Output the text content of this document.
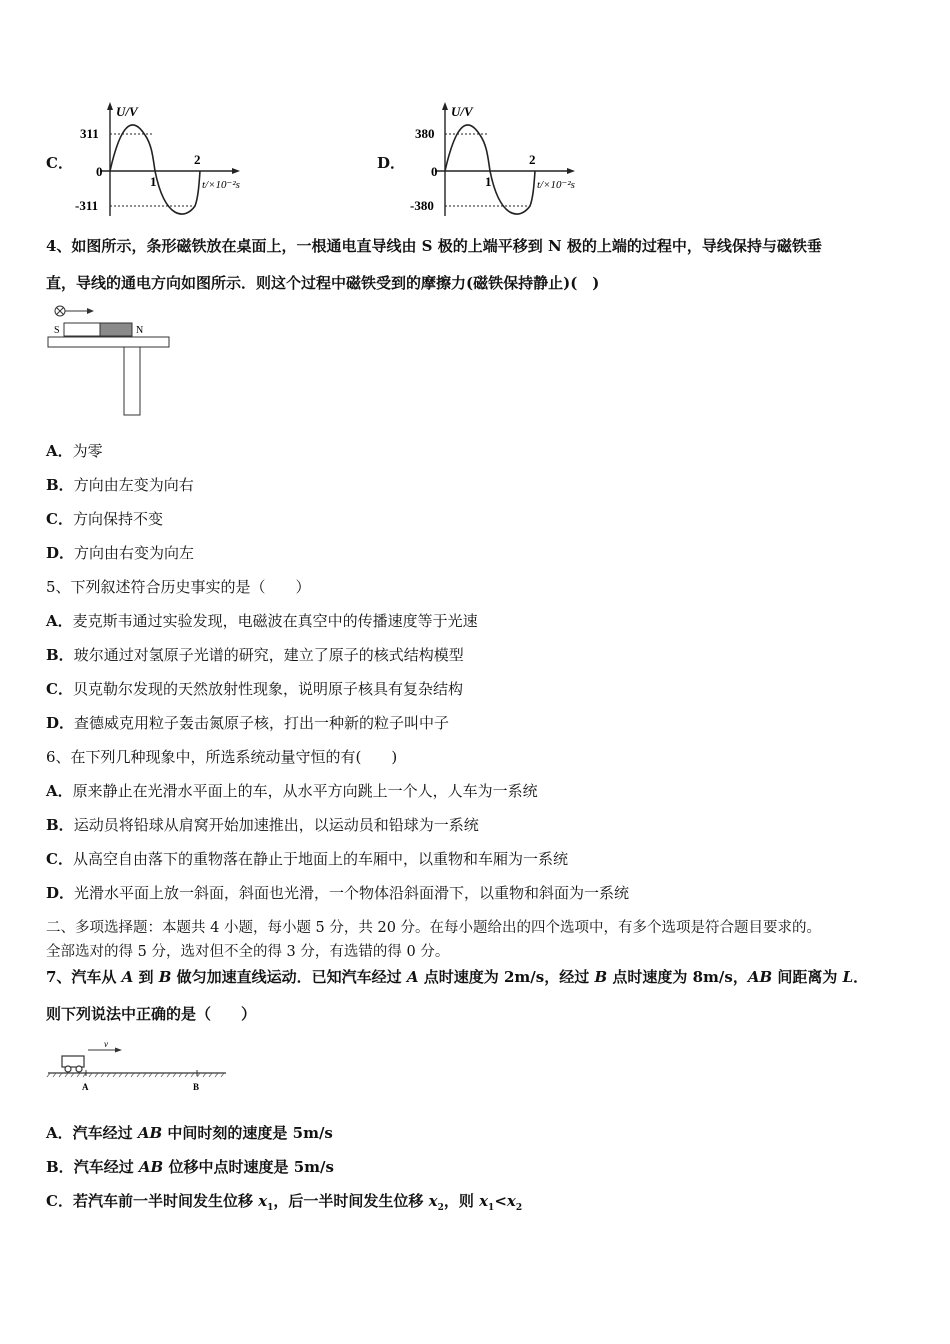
C．
U/V
311
0
-311
1
2
t/×10⁻²s
D．
U/V
380
0
-380
1
2
t/×10⁻²s
4、如图所示，条形磁铁放在桌面上，一根通电直导线由 S 极的上端平移到 N 极的上端的过程中，导线保持与磁铁垂
直，导线的通电方向如图所示．则这个过程中磁铁受到的摩擦力(磁铁保持静止)(　)
S	N
A．为零
B．方向由左变为向右
C．方向保持不变
D．方向由右变为向左
5、下列叙述符合历史事实的是（　　）
A．麦克斯韦通过实验发现，电磁波在真空中的传播速度等于光速
B．玻尔通过对氢原子光谱的研究，建立了原子的核式结构模型
C．贝克勒尔发现的天然放射性现象，说明原子核具有复杂结构
D．查德威克用粒子轰击氮原子核，打出一种新的粒子叫中子
6、在下列几种现象中，所选系统动量守恒的有(　　)
A．原来静止在光滑水平面上的车，从水平方向跳上一个人，人车为一系统
B．运动员将铅球从肩窝开始加速推出，以运动员和铅球为一系统
C．从高空自由落下的重物落在静止于地面上的车厢中，以重物和车厢为一系统
D．光滑水平面上放一斜面，斜面也光滑，一个物体沿斜面滑下，以重物和斜面为一系统
二、多项选择题：本题共 4 小题，每小题 5 分，共 20 分。在每小题给出的四个选项中，有多个选项是符合题目要求的。
全部选对的得 5 分，选对但不全的得 3 分，有选错的得 0 分。
7、汽车从 A 到 B 做匀加速直线运动．已知汽车经过 A 点时速度为 2m/s，经过 B 点时速度为 8m/s，AB 间距离为 L．
则下列说法中正确的是（　　）
v
A	B
A．汽车经过 AB 中间时刻的速度是 5m/s
B．汽车经过 AB 位移中点时速度是 5m/s
C．若汽车前一半时间发生位移 $x_1$，后一半时间发生位移 $x_2$，则 $x_1<x_2$
